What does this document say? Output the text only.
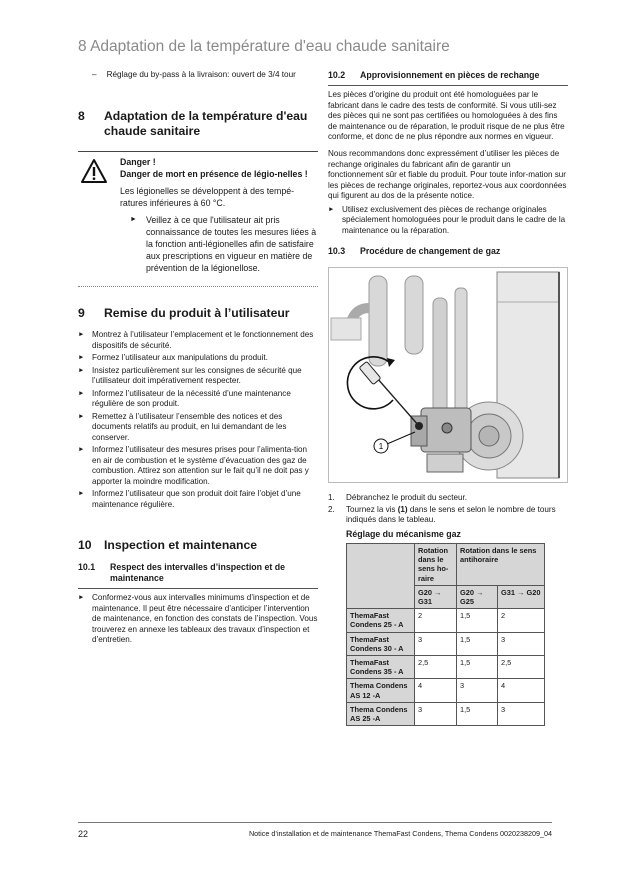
8 Adaptation de la température d'eau chaude sanitaire
– Réglage du by-pass à la livraison: ouvert de 3/4 tour
8	Adaptation de la température d'eau chaude sanitaire
Danger !
Danger de mort en présence de légio-nelles !
Les légionelles se développent à des tempé-ratures inférieures à 60 °C.
►	Veillez à ce que l'utilisateur ait pris connaissance de toutes les mesures liées à la fonction anti-légionelles afin de satisfaire aux prescriptions en vigueur en matière de prévention de la légionellose.
9	Remise du produit à l’utilisateur
► Montrez à l’utilisateur l’emplacement et le fonctionnement des dispositifs de sécurité.
► Formez l’utilisateur aux manipulations du produit.
► Insistez particulièrement sur les consignes de sécurité que l’utilisateur doit impérativement respecter.
► Informez l’utilisateur de la nécessité d’une maintenance régulière de son produit.
► Remettez à l’utilisateur l’ensemble des notices et des documents relatifs au produit, en lui demandant de les conserver.
► Informez l’utilisateur des mesures prises pour l’alimenta-tion en air de combustion et le système d’évacuation des gaz de combustion. Attirez son attention sur le fait qu’il ne doit pas y apporter la moindre modification.
► Informez l’utilisateur que son produit doit faire l’objet d’une maintenance régulière.
10	Inspection et maintenance
10.1	Respect des intervalles d’inspection et de maintenance
► Conformez-vous aux intervalles minimums d’inspection et de maintenance. Il peut être nécessaire d’anticiper l’intervention de maintenance, en fonction des constats de l’inspection. Vous trouverez en annexe les tableaux des travaux d’inspection et d’entretien.
10.2	Approvisionnement en pièces de rechange

Les pièces d’origine du produit ont été homologuées par le fabricant dans le cadre des tests de conformité. Si vous utili-sez des pièces qui ne sont pas certifiées ou homologuées à des fins de maintenance ou de réparation, le produit risque de ne plus être conforme, et donc de ne plus répondre aux normes en vigueur.

Nous recommandons donc expressément d’utiliser les pièces de rechange originales du fabricant afin de garantir un fonctionnement sûr et fiable du produit. Pour toute infor-mation sur les pièces de rechange originales, reportez-vous aux coordonnées qui figurent au dos de la présente notice.

► Utilisez exclusivement des pièces de rechange originales spécialement homologuées pour le produit dans le cadre de la maintenance ou la réparation.
10.3	Procédure de changement de gaz
1
1.	Débranchez le produit du secteur.
2.	Tournez la vis (1) dans le sens et selon le nombre de tours indiqués dans le tableau.
Réglage du mécanisme gaz
	Rotation dans le sens ho-raire	Rotation dans le sens antihoraire	
	G20 → G31	G20 → G25	G31 → G20
ThemaFast Condens 25 - A	2	1,5	2
ThemaFast Condens 30 - A	3	1,5	3
ThemaFast Condens 35 - A	2,5	1,5	2,5
Thema Condens AS 12 -A	4	3	4
Thema Condens AS 25 -A	3	1,5	3
22	Notice d’installation et de maintenance ThemaFast Condens, Thema Condens 0020238209_04
